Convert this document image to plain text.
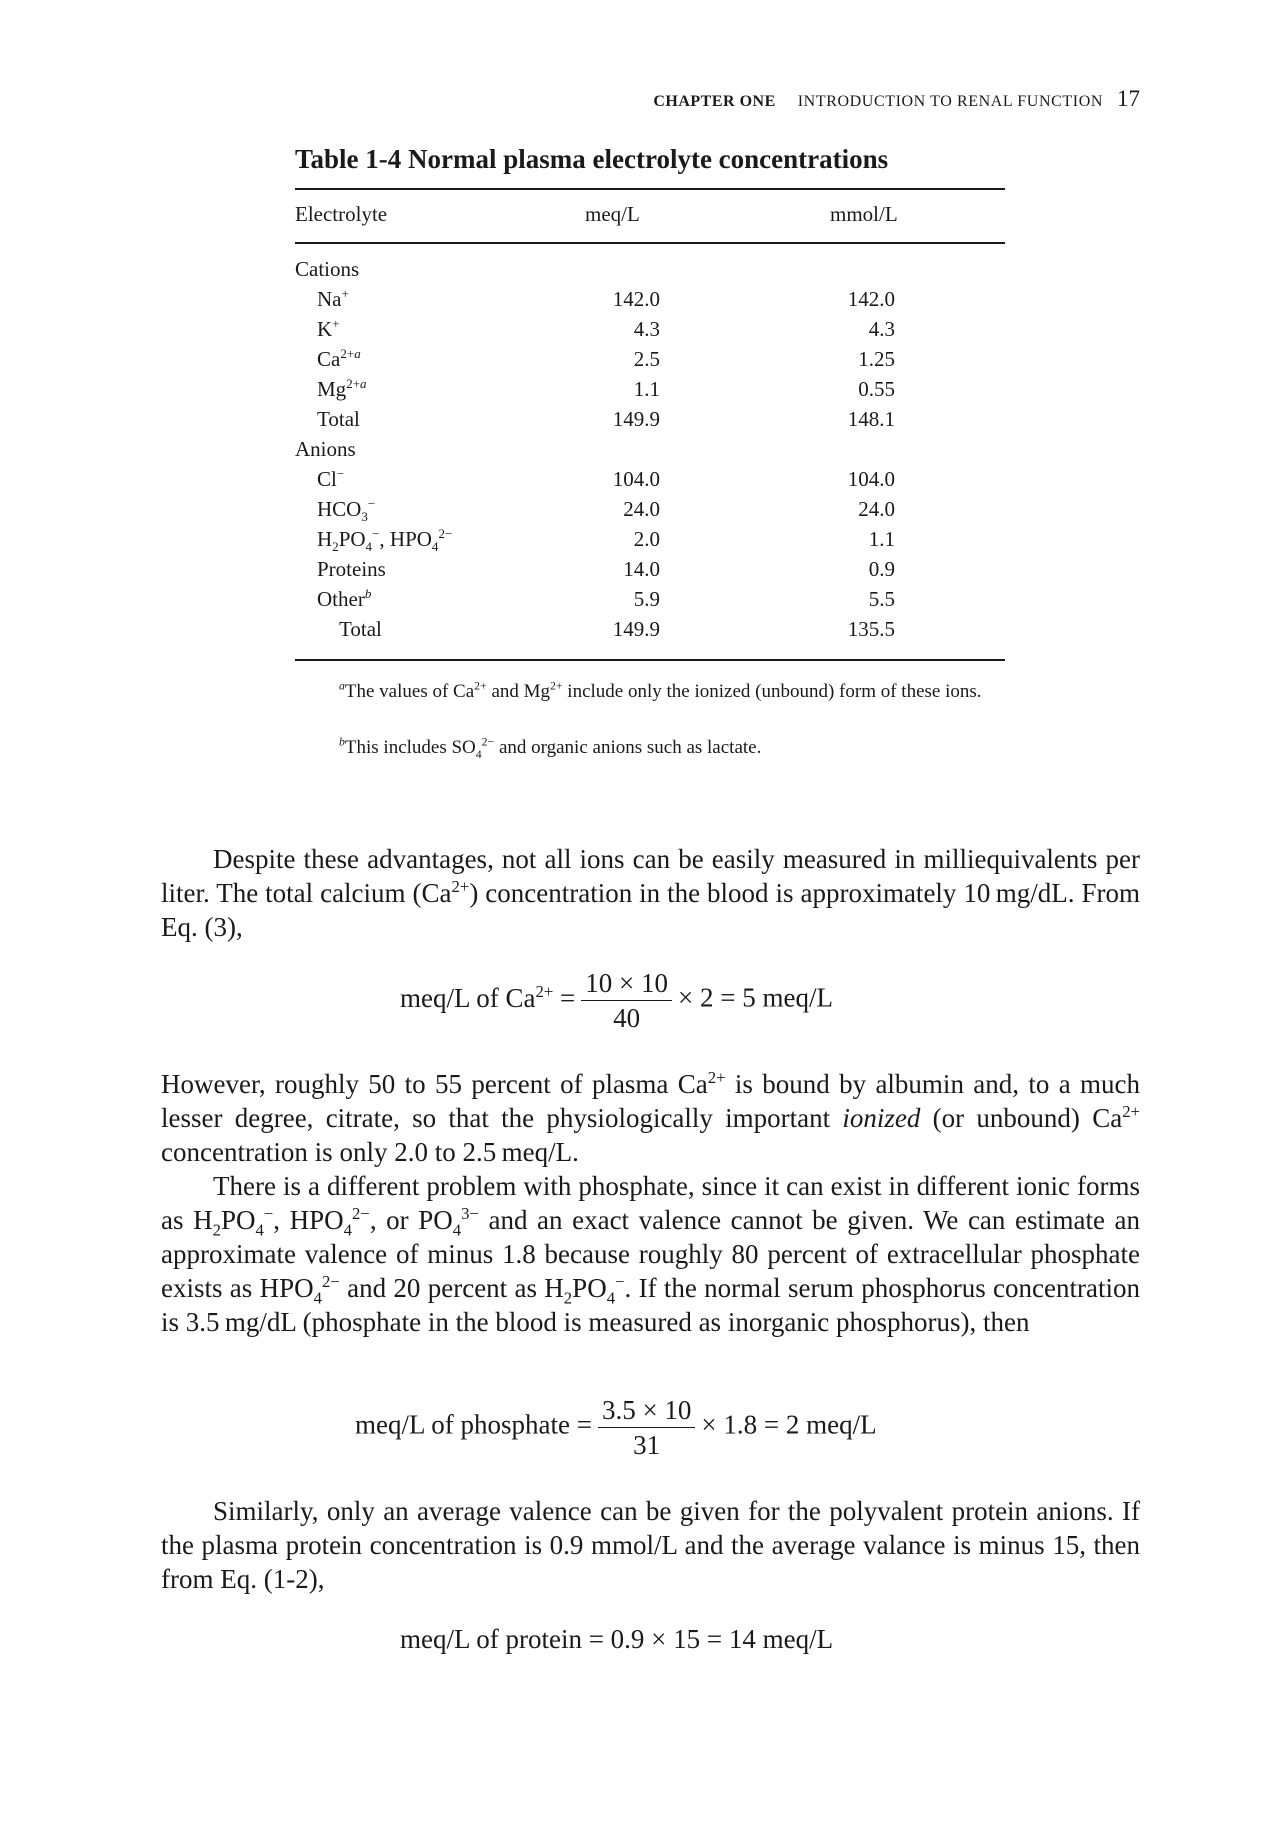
CHAPTER ONE INTRODUCTION TO RENAL FUNCTION 17
Table 1-4 Normal plasma electrolyte concentrations
Electrolyte	meq/L	mmol/L
Cations
Na+	142.0	142.0
K+	4.3	4.3
$Ca^{2+a}$	2.5	1.25
$Mg^{2+a}$	1.1	0.55
Total	149.9	148.1
Anions
Cl−	104.0	104.0
$HCO_3^-$	24.0	24.0
$H_2PO_4^-$, $HPO_4^{2-}$	2.0	1.1
Proteins	14.0	0.9
Other$^b$	5.9	5.5
Total	149.9	135.5
$^a$The values of $Ca^{2+}$ and $Mg^{2+}$ include only the ionized (unbound) form of these ions.
$^b$This includes $SO_4^{2-}$ and organic anions such as lactate.

Despite these advantages, not all ions can be easily measured in milliequivalents per liter. The total calcium $(Ca^{2+})$ concentration in the blood is approximately 10 mg/dL. From Eq. (3),

meq/L of $Ca^{2+} = \frac{10 \times 10}{40} \times 2 = 5$ meq/L

However, roughly 50 to 55 percent of plasma $Ca^{2+}$ is bound by albumin and, to a much lesser degree, citrate, so that the physiologically important ionized (or unbound) $Ca^{2+}$ concentration is only 2.0 to 2.5 meq/L.

There is a different problem with phosphate, since it can exist in different ionic forms as $H_2PO_4^-$, $HPO_4^{2-}$, or $PO_4^{3-}$ and an exact valence cannot be given. We can estimate an approximate valence of minus 1.8 because roughly 80 percent of extracellular phosphate exists as $HPO_4^{2-}$ and 20 percent as $H_2PO_4^-$. If the normal serum phosphorus concentration is 3.5 mg/dL (phosphate in the blood is measured as inorganic phosphorus), then

meq/L of phosphate = $\frac{3.5 \times 10}{31} \times 1.8 = 2$ meq/L

Similarly, only an average valence can be given for the polyvalent protein anions. If the plasma protein concentration is 0.9 mmol/L and the average valance is minus 15, then from Eq. (1-2),

meq/L of protein = 0.9 × 15 = 14 meq/L
